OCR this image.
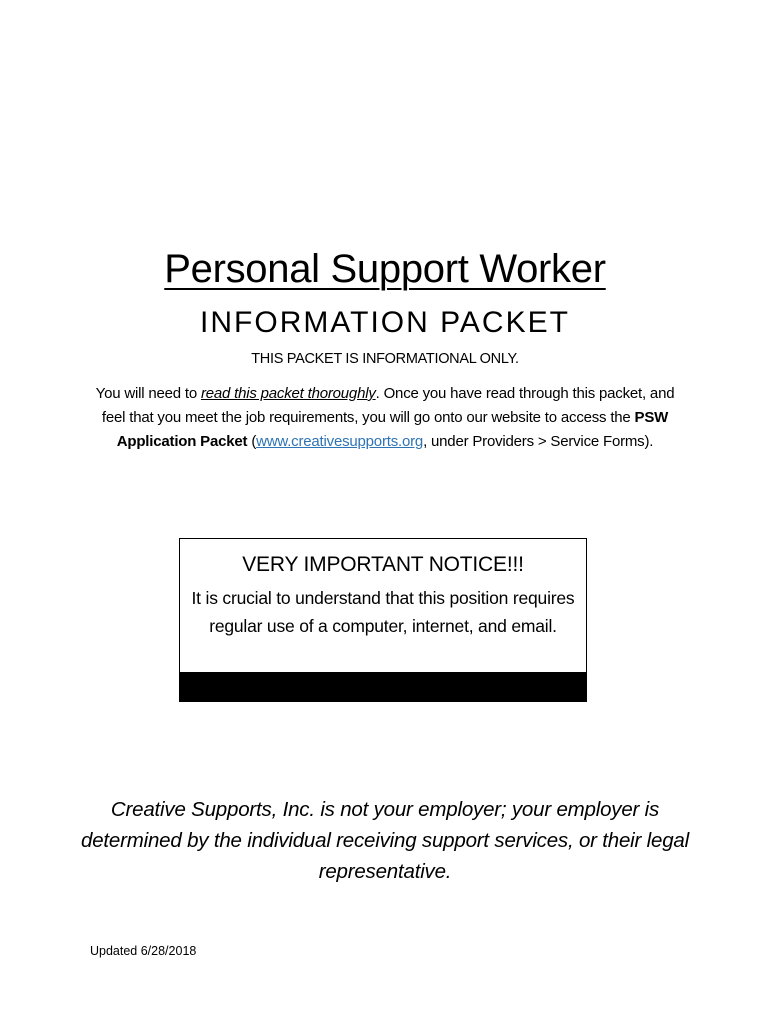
Personal Support Worker
INFORMATION PACKET
THIS PACKET IS INFORMATIONAL ONLY.

You will need to read this packet thoroughly. Once you have read through this packet, and feel that you meet the job requirements, you will go onto our website to access the PSW Application Packet (www.creativesupports.org, under Providers > Service Forms).

VERY IMPORTANT NOTICE!!!
It is crucial to understand that this position requires regular use of a computer, internet, and email.

Creative Supports, Inc. is not your employer; your employer is determined by the individual receiving support services, or their legal representative.

Updated 6/28/2018
